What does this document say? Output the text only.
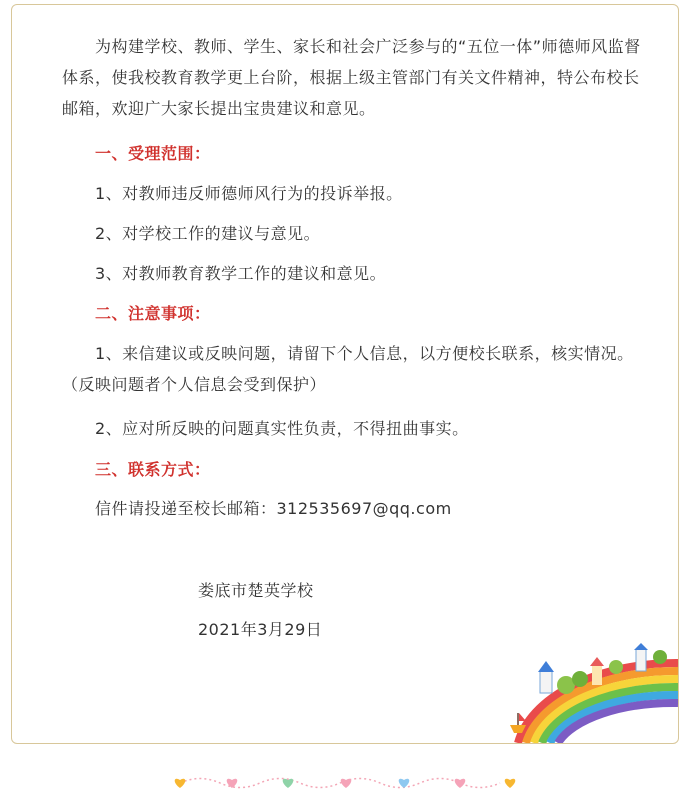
为构建学校、教师、学生、家长和社会广泛参与的“五位一体”师德师风监督体系，使我校教育教学更上台阶，根据上级主管部门有关文件精神，特公布校长邮箱，欢迎广大家长提出宝贵建议和意见。
一、受理范围：
1、对教师违反师德师风行为的投诉举报。
2、对学校工作的建议与意见。
3、对教师教育教学工作的建议和意见。
二、注意事项：
1、来信建议或反映问题，请留下个人信息，以方便校长联系，核实情况。（反映问题者个人信息会受到保护）
2、应对所反映的问题真实性负责，不得扭曲事实。
三、联系方式：
信件请投递至校长邮箱：312535697@qq.com
娄底市楚英学校
2021年3月29日
